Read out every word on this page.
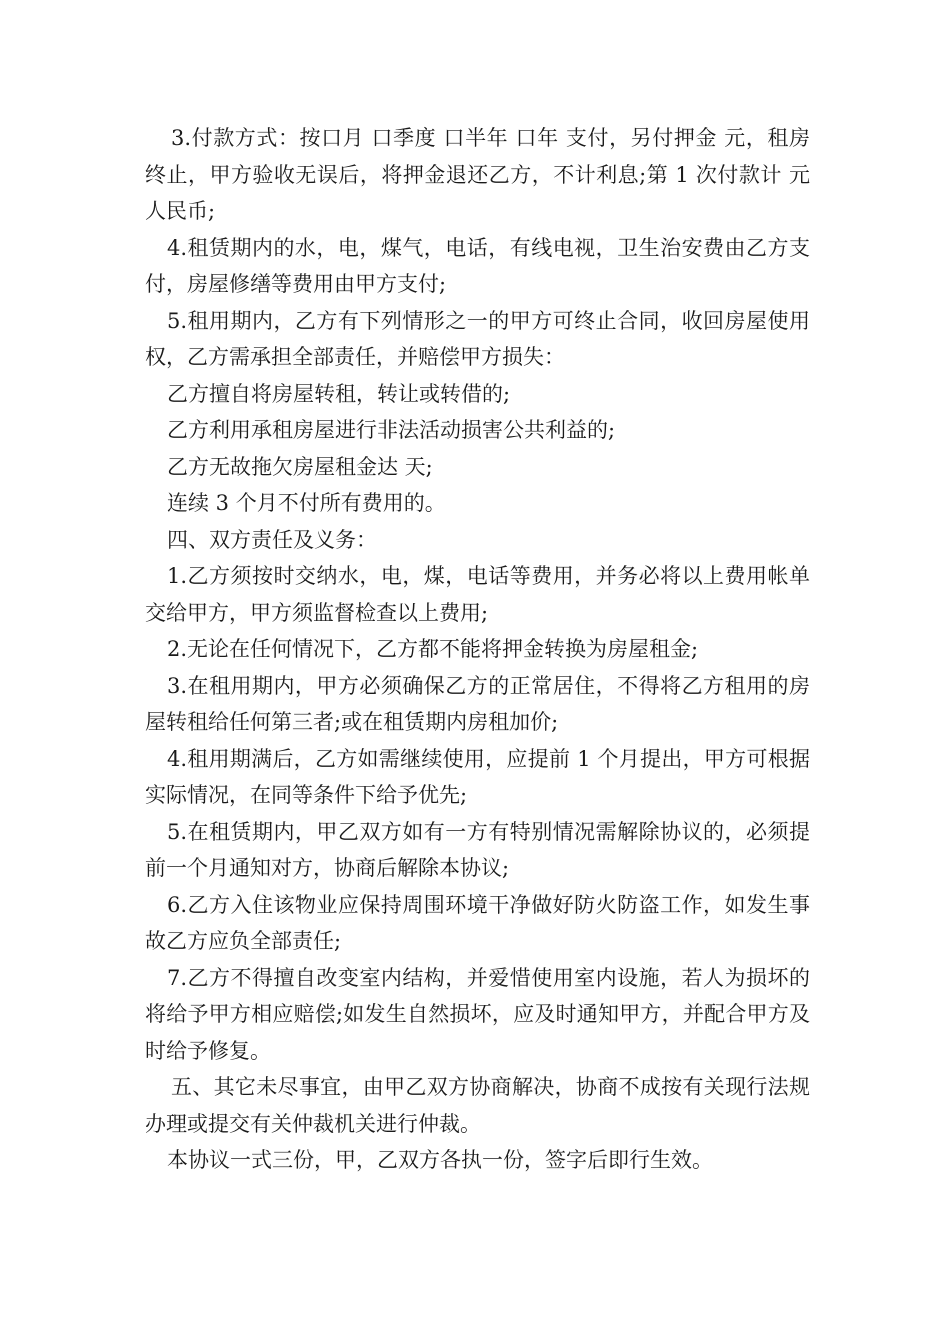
3.付款方式：按口月 口季度 口半年 口年 支付，另付押金 元，租房终止，甲方验收无误后，将押金退还乙方，不计利息;第 1 次付款计 元人民币;

4.租赁期内的水，电，煤气，电话，有线电视，卫生治安费由乙方支付，房屋修缮等费用由甲方支付;

5.租用期内，乙方有下列情形之一的甲方可终止合同，收回房屋使用权，乙方需承担全部责任，并赔偿甲方损失：

乙方擅自将房屋转租，转让或转借的;

乙方利用承租房屋进行非法活动损害公共利益的;

乙方无故拖欠房屋租金达 天;

连续 3 个月不付所有费用的。

四、双方责任及义务：

1.乙方须按时交纳水，电，煤，电话等费用，并务必将以上费用帐单交给甲方，甲方须监督检查以上费用;

2.无论在任何情况下，乙方都不能将押金转换为房屋租金;

3.在租用期内，甲方必须确保乙方的正常居住，不得将乙方租用的房屋转租给任何第三者;或在租赁期内房租加价;

4.租用期满后，乙方如需继续使用，应提前 1 个月提出，甲方可根据实际情况，在同等条件下给予优先;

5.在租赁期内，甲乙双方如有一方有特别情况需解除协议的，必须提前一个月通知对方，协商后解除本协议;

6.乙方入住该物业应保持周围环境干净做好防火防盗工作，如发生事故乙方应负全部责任;

7.乙方不得擅自改变室内结构，并爱惜使用室内设施，若人为损坏的将给予甲方相应赔偿;如发生自然损坏，应及时通知甲方，并配合甲方及时给予修复。

五、其它未尽事宜，由甲乙双方协商解决，协商不成按有关现行法规办理或提交有关仲裁机关进行仲裁。

本协议一式三份，甲，乙双方各执一份，签字后即行生效。
